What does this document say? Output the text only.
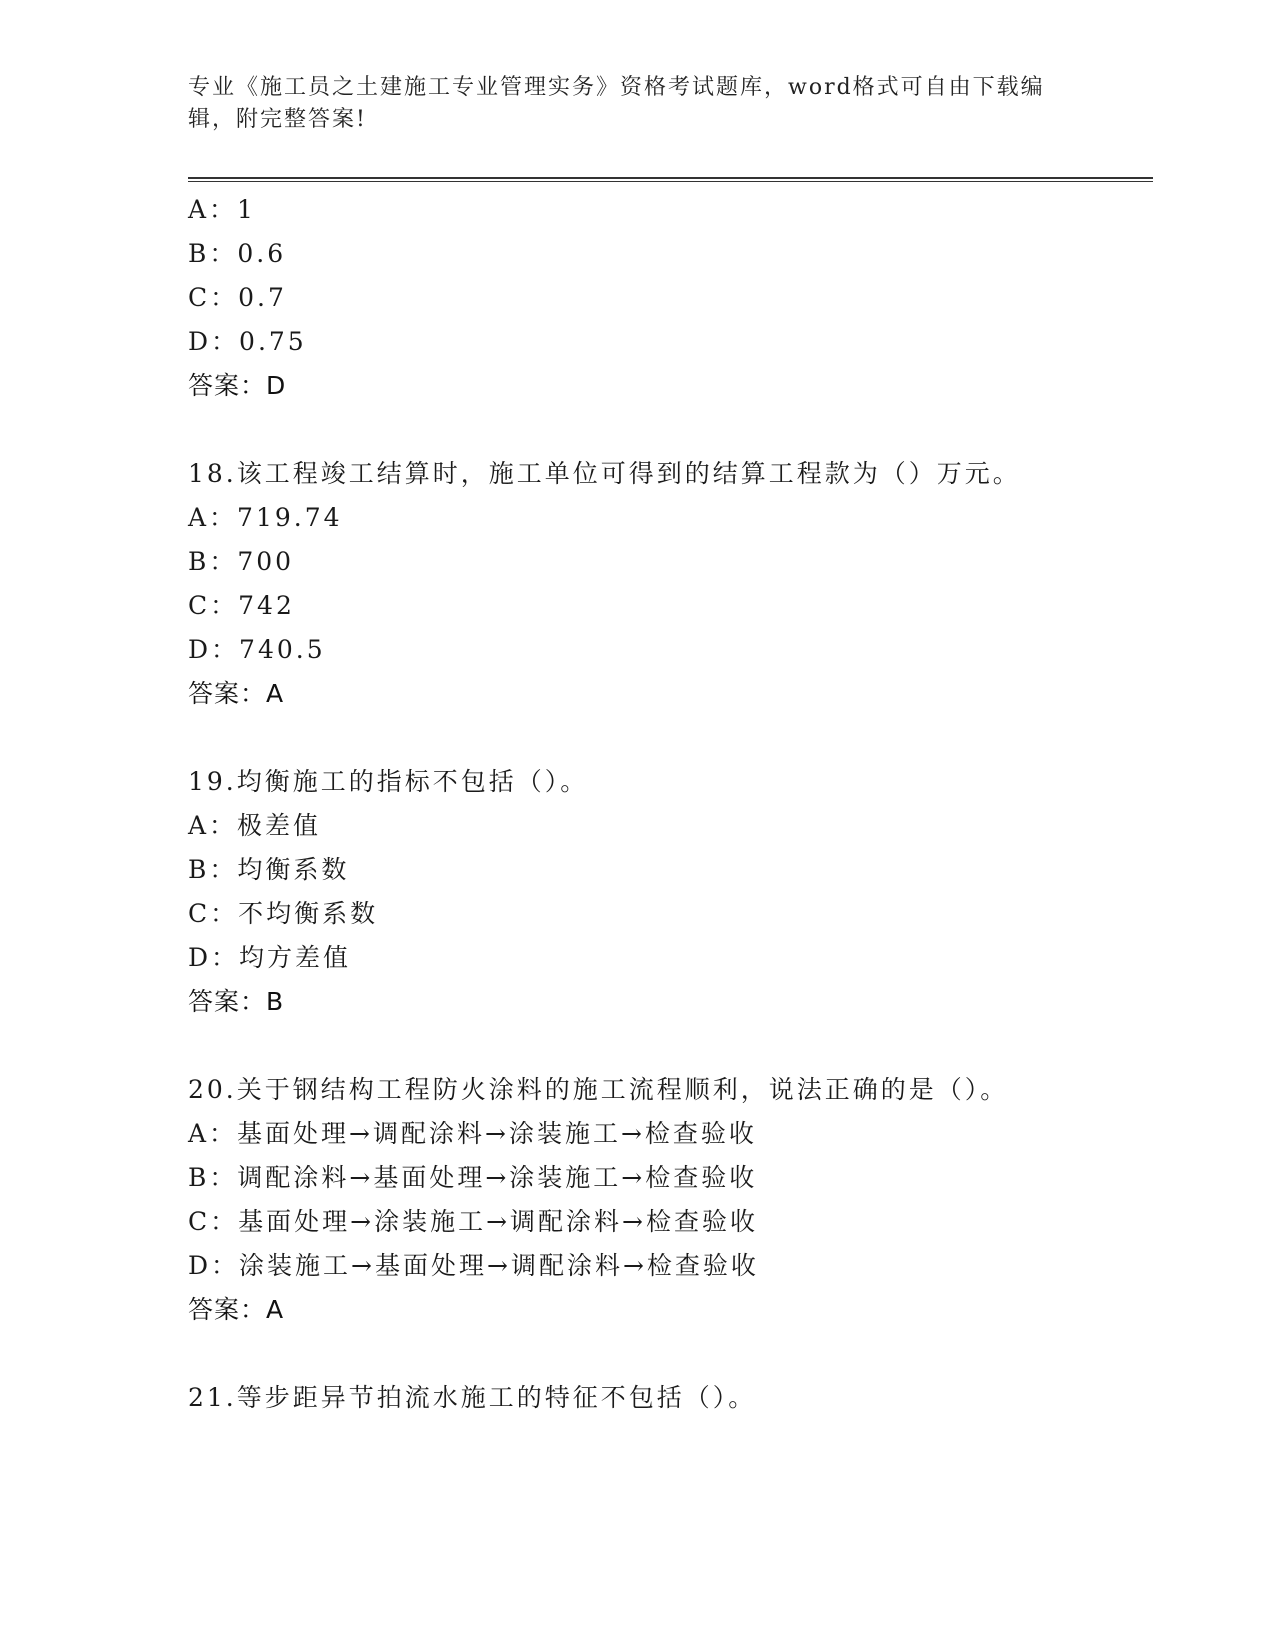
专业《施工员之土建施工专业管理实务》资格考试题库，word格式可自由下载编
辑，附完整答案!
A：1
B：0.6
C：0.7
D：0.75
答案：D
18.该工程竣工结算时，施工单位可得到的结算工程款为（）万元。
A：719.74
B：700
C：742
D：740.5
答案：A
19.均衡施工的指标不包括（）。
A：极差值
B：均衡系数
C：不均衡系数
D：均方差值
答案：B
20.关于钢结构工程防火涂料的施工流程顺利，说法正确的是（）。
A：基面处理→调配涂料→涂装施工→检查验收
B：调配涂料→基面处理→涂装施工→检查验收
C：基面处理→涂装施工→调配涂料→检查验收
D：涂装施工→基面处理→调配涂料→检查验收
答案：A
21.等步距异节拍流水施工的特征不包括（）。
